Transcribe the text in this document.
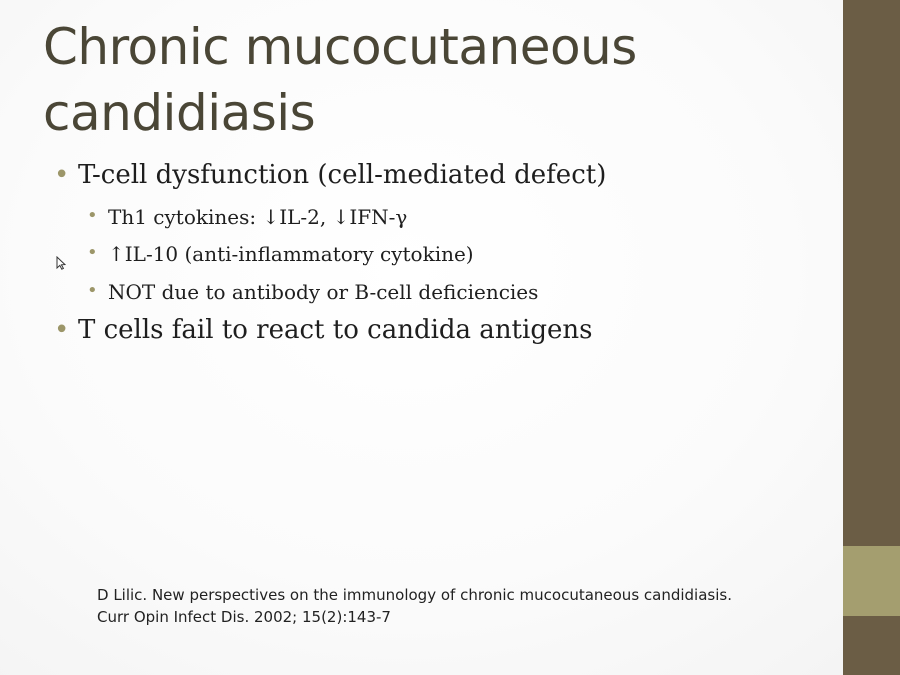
Chronic mucocutaneous candidiasis
• T-cell dysfunction (cell-mediated defect)
• Th1 cytokines: ↓IL-2, ↓IFN-γ
• ↑IL-10 (anti-inflammatory cytokine)
• NOT due to antibody or B-cell deficiencies
• T cells fail to react to candida antigens
D Lilic. New perspectives on the immunology of chronic mucocutaneous candidiasis.
Curr Opin Infect Dis. 2002; 15(2):143-7
